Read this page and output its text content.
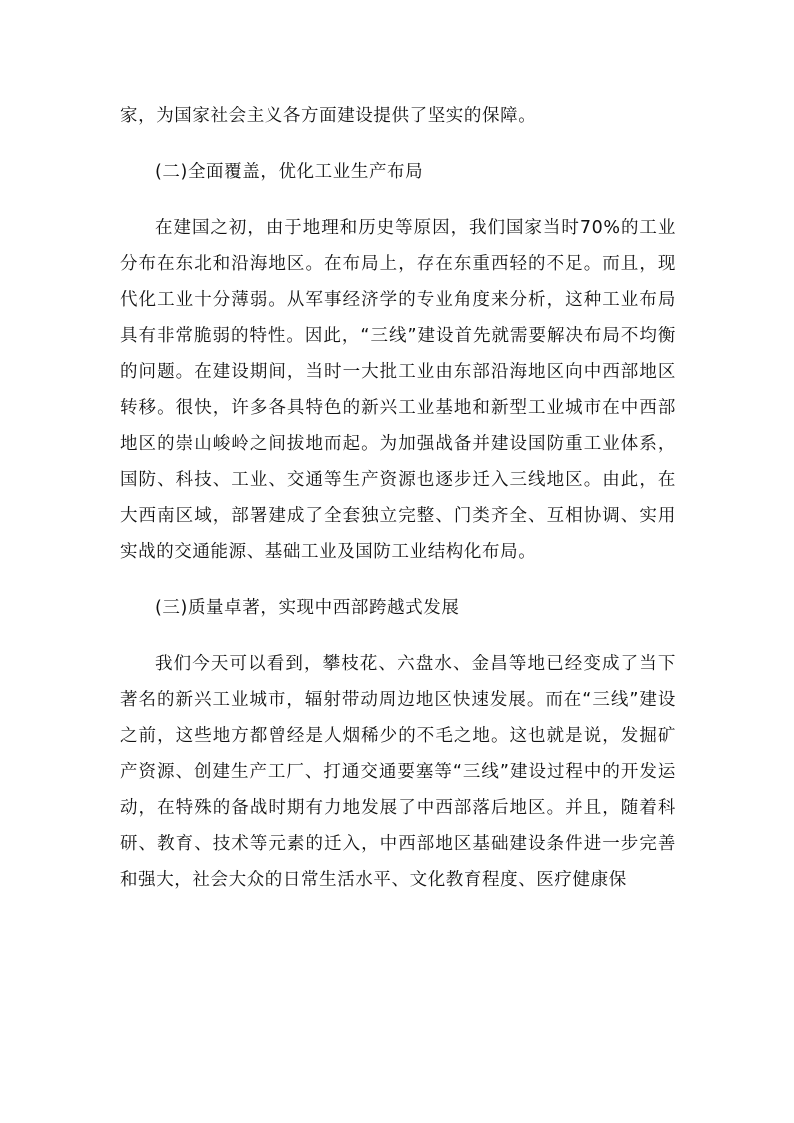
家，为国家社会主义各方面建设提供了坚实的保障。

(二)全面覆盖，优化工业生产布局

在建国之初，由于地理和历史等原因，我们国家当时70%的工业分布在东北和沿海地区。在布局上，存在东重西轻的不足。而且，现代化工业十分薄弱。从军事经济学的专业角度来分析，这种工业布局具有非常脆弱的特性。因此，“三线”建设首先就需要解决布局不均衡的问题。在建设期间，当时一大批工业由东部沿海地区向中西部地区转移。很快，许多各具特色的新兴工业基地和新型工业城市在中西部地区的崇山峻岭之间拔地而起。为加强战备并建设国防重工业体系，国防、科技、工业、交通等生产资源也逐步迁入三线地区。由此，在大西南区域，部署建成了全套独立完整、门类齐全、互相协调、实用实战的交通能源、基础工业及国防工业结构化布局。

(三)质量卓著，实现中西部跨越式发展

我们今天可以看到，攀枝花、六盘水、金昌等地已经变成了当下著名的新兴工业城市，辐射带动周边地区快速发展。而在“三线”建设之前，这些地方都曾经是人烟稀少的不毛之地。这也就是说，发掘矿产资源、创建生产工厂、打通交通要塞等“三线”建设过程中的开发运动，在特殊的备战时期有力地发展了中西部落后地区。并且，随着科研、教育、技术等元素的迁入，中西部地区基础建设条件进一步完善和强大，社会大众的日常生活水平、文化教育程度、医疗健康保
